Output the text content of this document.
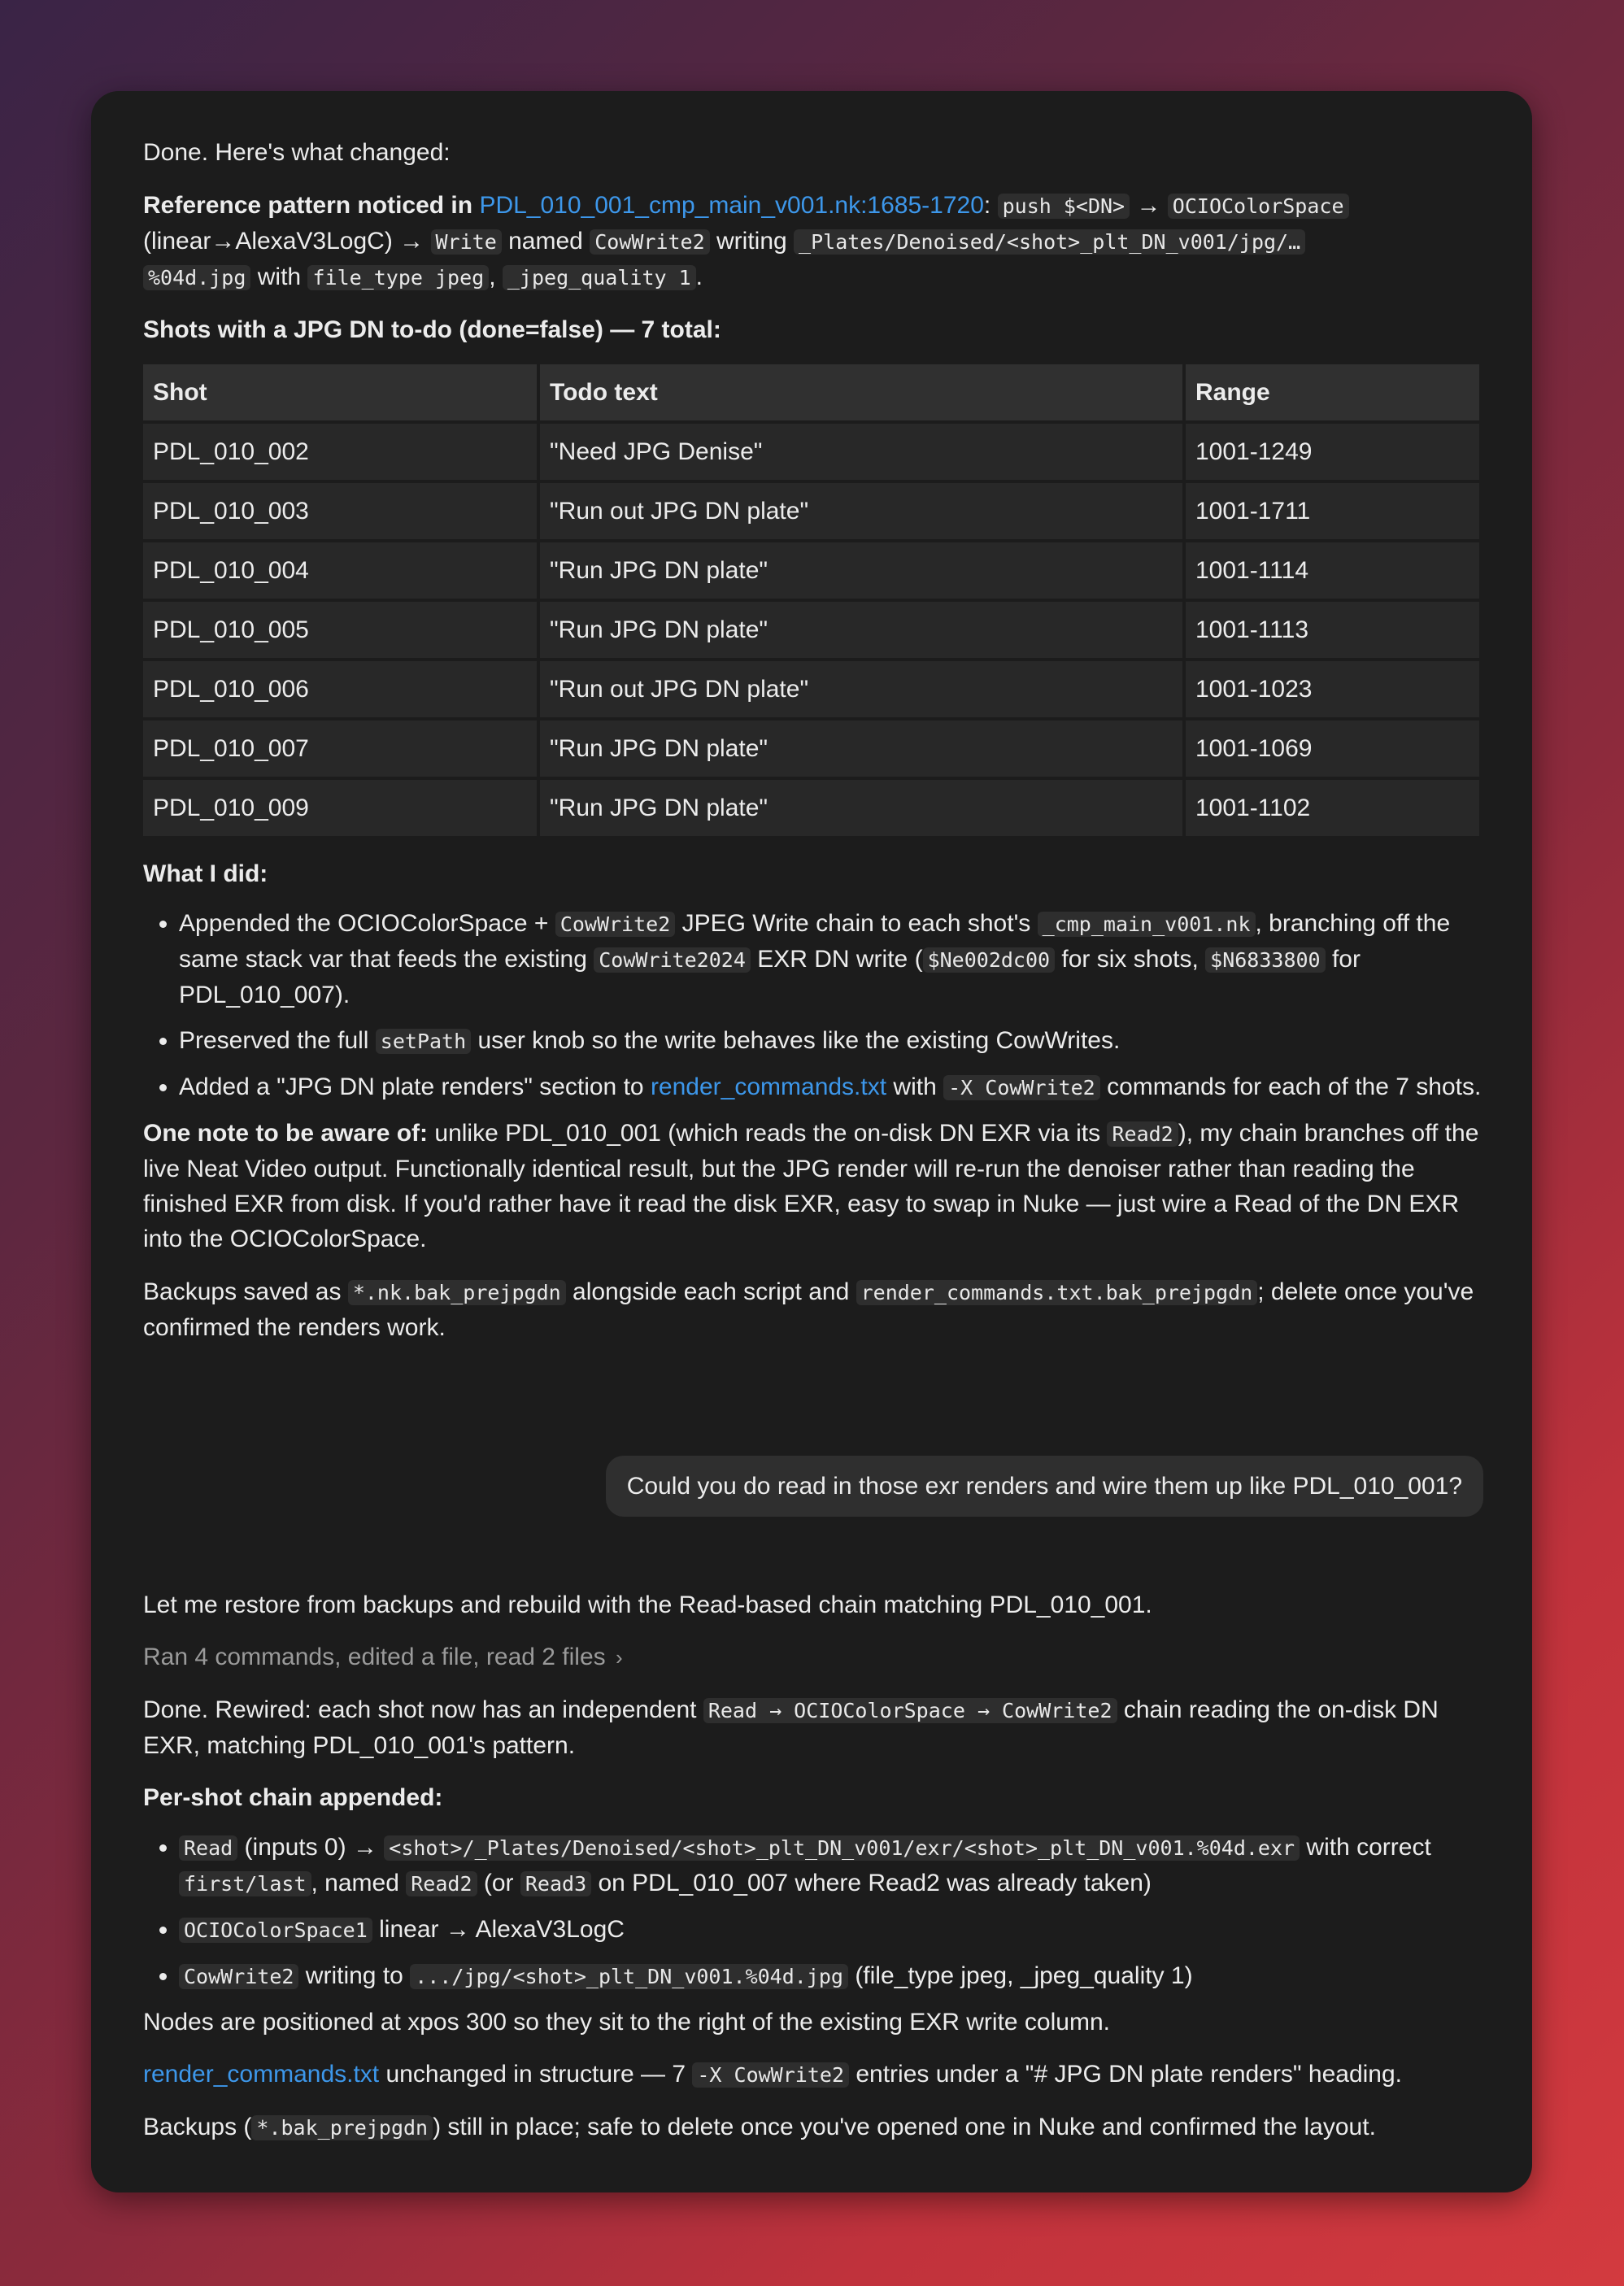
Done. Here's what changed:

Reference pattern noticed in PDL_010_001_cmp_main_v001.nk:1685-1720: push $<DN> → OCIOColorSpace (linear→AlexaV3LogC) → Write named CowWrite2 writing _Plates/Denoised/<shot>_plt_DN_v001/jpg/…
%04d.jpg with file_type jpeg , _jpeg_quality 1 .

Shots with a JPG DN to-do (done=false) — 7 total:

Shot	Todo text	Range
PDL_010_002	"Need JPG Denise"	1001-1249
PDL_010_003	"Run out JPG DN plate"	1001-1711
PDL_010_004	"Run JPG DN plate"	1001-1114
PDL_010_005	"Run JPG DN plate"	1001-1113
PDL_010_006	"Run out JPG DN plate"	1001-1023
PDL_010_007	"Run JPG DN plate"	1001-1069
PDL_010_009	"Run JPG DN plate"	1001-1102

What I did:

• Appended the OCIOColorSpace + CowWrite2 JPEG Write chain to each shot's _cmp_main_v001.nk , branching off the same stack var that feeds the existing CowWrite2024 EXR DN write ( $Ne002dc00 for six shots, $N6833800 for PDL_010_007).
• Preserved the full setPath user knob so the write behaves like the existing CowWrites.
• Added a "JPG DN plate renders" section to render_commands.txt with -X CowWrite2 commands for each of the 7 shots.

One note to be aware of: unlike PDL_010_001 (which reads the on-disk DN EXR via its Read2 ), my chain branches off the live Neat Video output. Functionally identical result, but the JPG render will re-run the denoiser rather than reading the finished EXR from disk. If you'd rather have it read the disk EXR, easy to swap in Nuke — just wire a Read of the DN EXR into the OCIOColorSpace.

Backups saved as *.nk.bak_prejpgdn alongside each script and render_commands.txt.bak_prejpgdn ; delete once you've confirmed the renders work.

Could you do read in those exr renders and wire them up like PDL_010_001?

Let me restore from backups and rebuild with the Read-based chain matching PDL_010_001.

Ran 4 commands, edited a file, read 2 files ›

Done. Rewired: each shot now has an independent Read → OCIOColorSpace → CowWrite2 chain reading the on-disk DN EXR, matching PDL_010_001's pattern.

Per-shot chain appended:

• Read (inputs 0) → <shot>/_Plates/Denoised/<shot>_plt_DN_v001/exr/<shot>_plt_DN_v001.%04d.exr with correct first/last , named Read2 (or Read3 on PDL_010_007 where Read2 was already taken)
• OCIOColorSpace1 linear → AlexaV3LogC
• CowWrite2 writing to .../jpg/<shot>_plt_DN_v001.%04d.jpg (file_type jpeg, _jpeg_quality 1)

Nodes are positioned at xpos 300 so they sit to the right of the existing EXR write column.

render_commands.txt unchanged in structure — 7 -X CowWrite2 entries under a "# JPG DN plate renders" heading.

Backups ( *.bak_prejpgdn ) still in place; safe to delete once you've opened one in Nuke and confirmed the layout.
